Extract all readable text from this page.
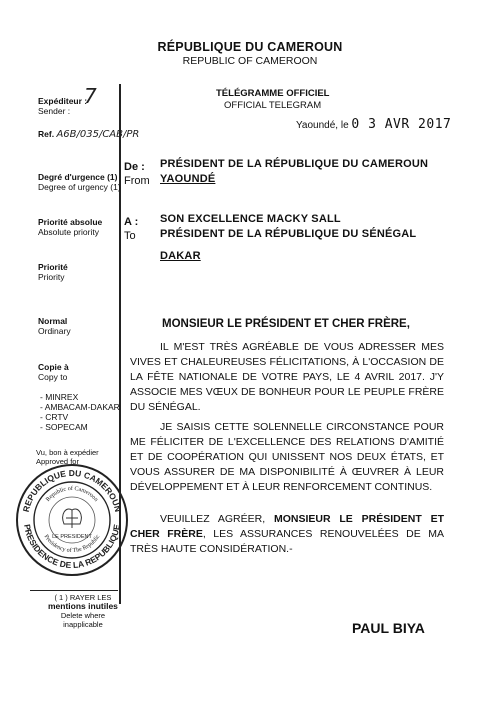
RÉPUBLIQUE DU CAMEROUN
REPUBLIC OF CAMEROON
Expéditeur :
Sender :
7
Ref. A6B/035/CAB/PR
Degré d'urgence (1)
Degree of urgency (1)
Priorité absolue
Absolute priority
Priorité
Priority
Normal
Ordinary
Copie à
Copy to
- MINREX
- AMBACAM-DAKAR
- CRTV
- SOPECAM
Vu, bon à expédier
Approved for
REPUBLIQUE DU CAMEROUN
PRESIDENCE DE LA REPUBLIQUE
Republic of Cameroon
Presidency of The Republic
LE PRESIDENT
( 1 ) RAYER LES
mentions inutiles
Delete where
inapplicable
TÉLÉGRAMME OFFICIEL
OFFICIAL TELEGRAM
Yaoundé, le 0 3 AVR 2017
De :
From
PRÉSIDENT DE LA RÉPUBLIQUE DU CAMEROUN
YAOUNDÉ
A :
To
SON EXCELLENCE MACKY SALL
PRÉSIDENT DE LA RÉPUBLIQUE DU SÉNÉGAL
DAKAR
MONSIEUR LE PRÉSIDENT ET CHER FRÈRE,
IL M'EST TRÈS AGRÉABLE DE VOUS ADRESSER MES VIVES ET CHALEUREUSES FÉLICITATIONS, À L'OCCASION DE LA FÊTE NATIONALE DE VOTRE PAYS, LE 4 AVRIL 2017. J'Y ASSOCIE MES VŒUX DE BONHEUR POUR LE PEUPLE FRÈRE DU SÉNÉGAL.
JE SAISIS CETTE SOLENNELLE CIRCONSTANCE POUR ME FÉLICITER DE L'EXCELLENCE DES RELATIONS D'AMITIÉ ET DE COOPÉRATION QUI UNISSENT NOS DEUX ÉTATS, ET VOUS ASSURER DE MA DISPONIBILITÉ À ŒUVRER À LEUR DÉVELOPPEMENT ET À LEUR RENFORCEMENT CONTINUS.
VEUILLEZ AGRÉER, MONSIEUR LE PRÉSIDENT ET CHER FRÈRE, LES ASSURANCES RENOUVELÉES DE MA TRÈS HAUTE CONSIDÉRATION.-
PAUL BIYA
